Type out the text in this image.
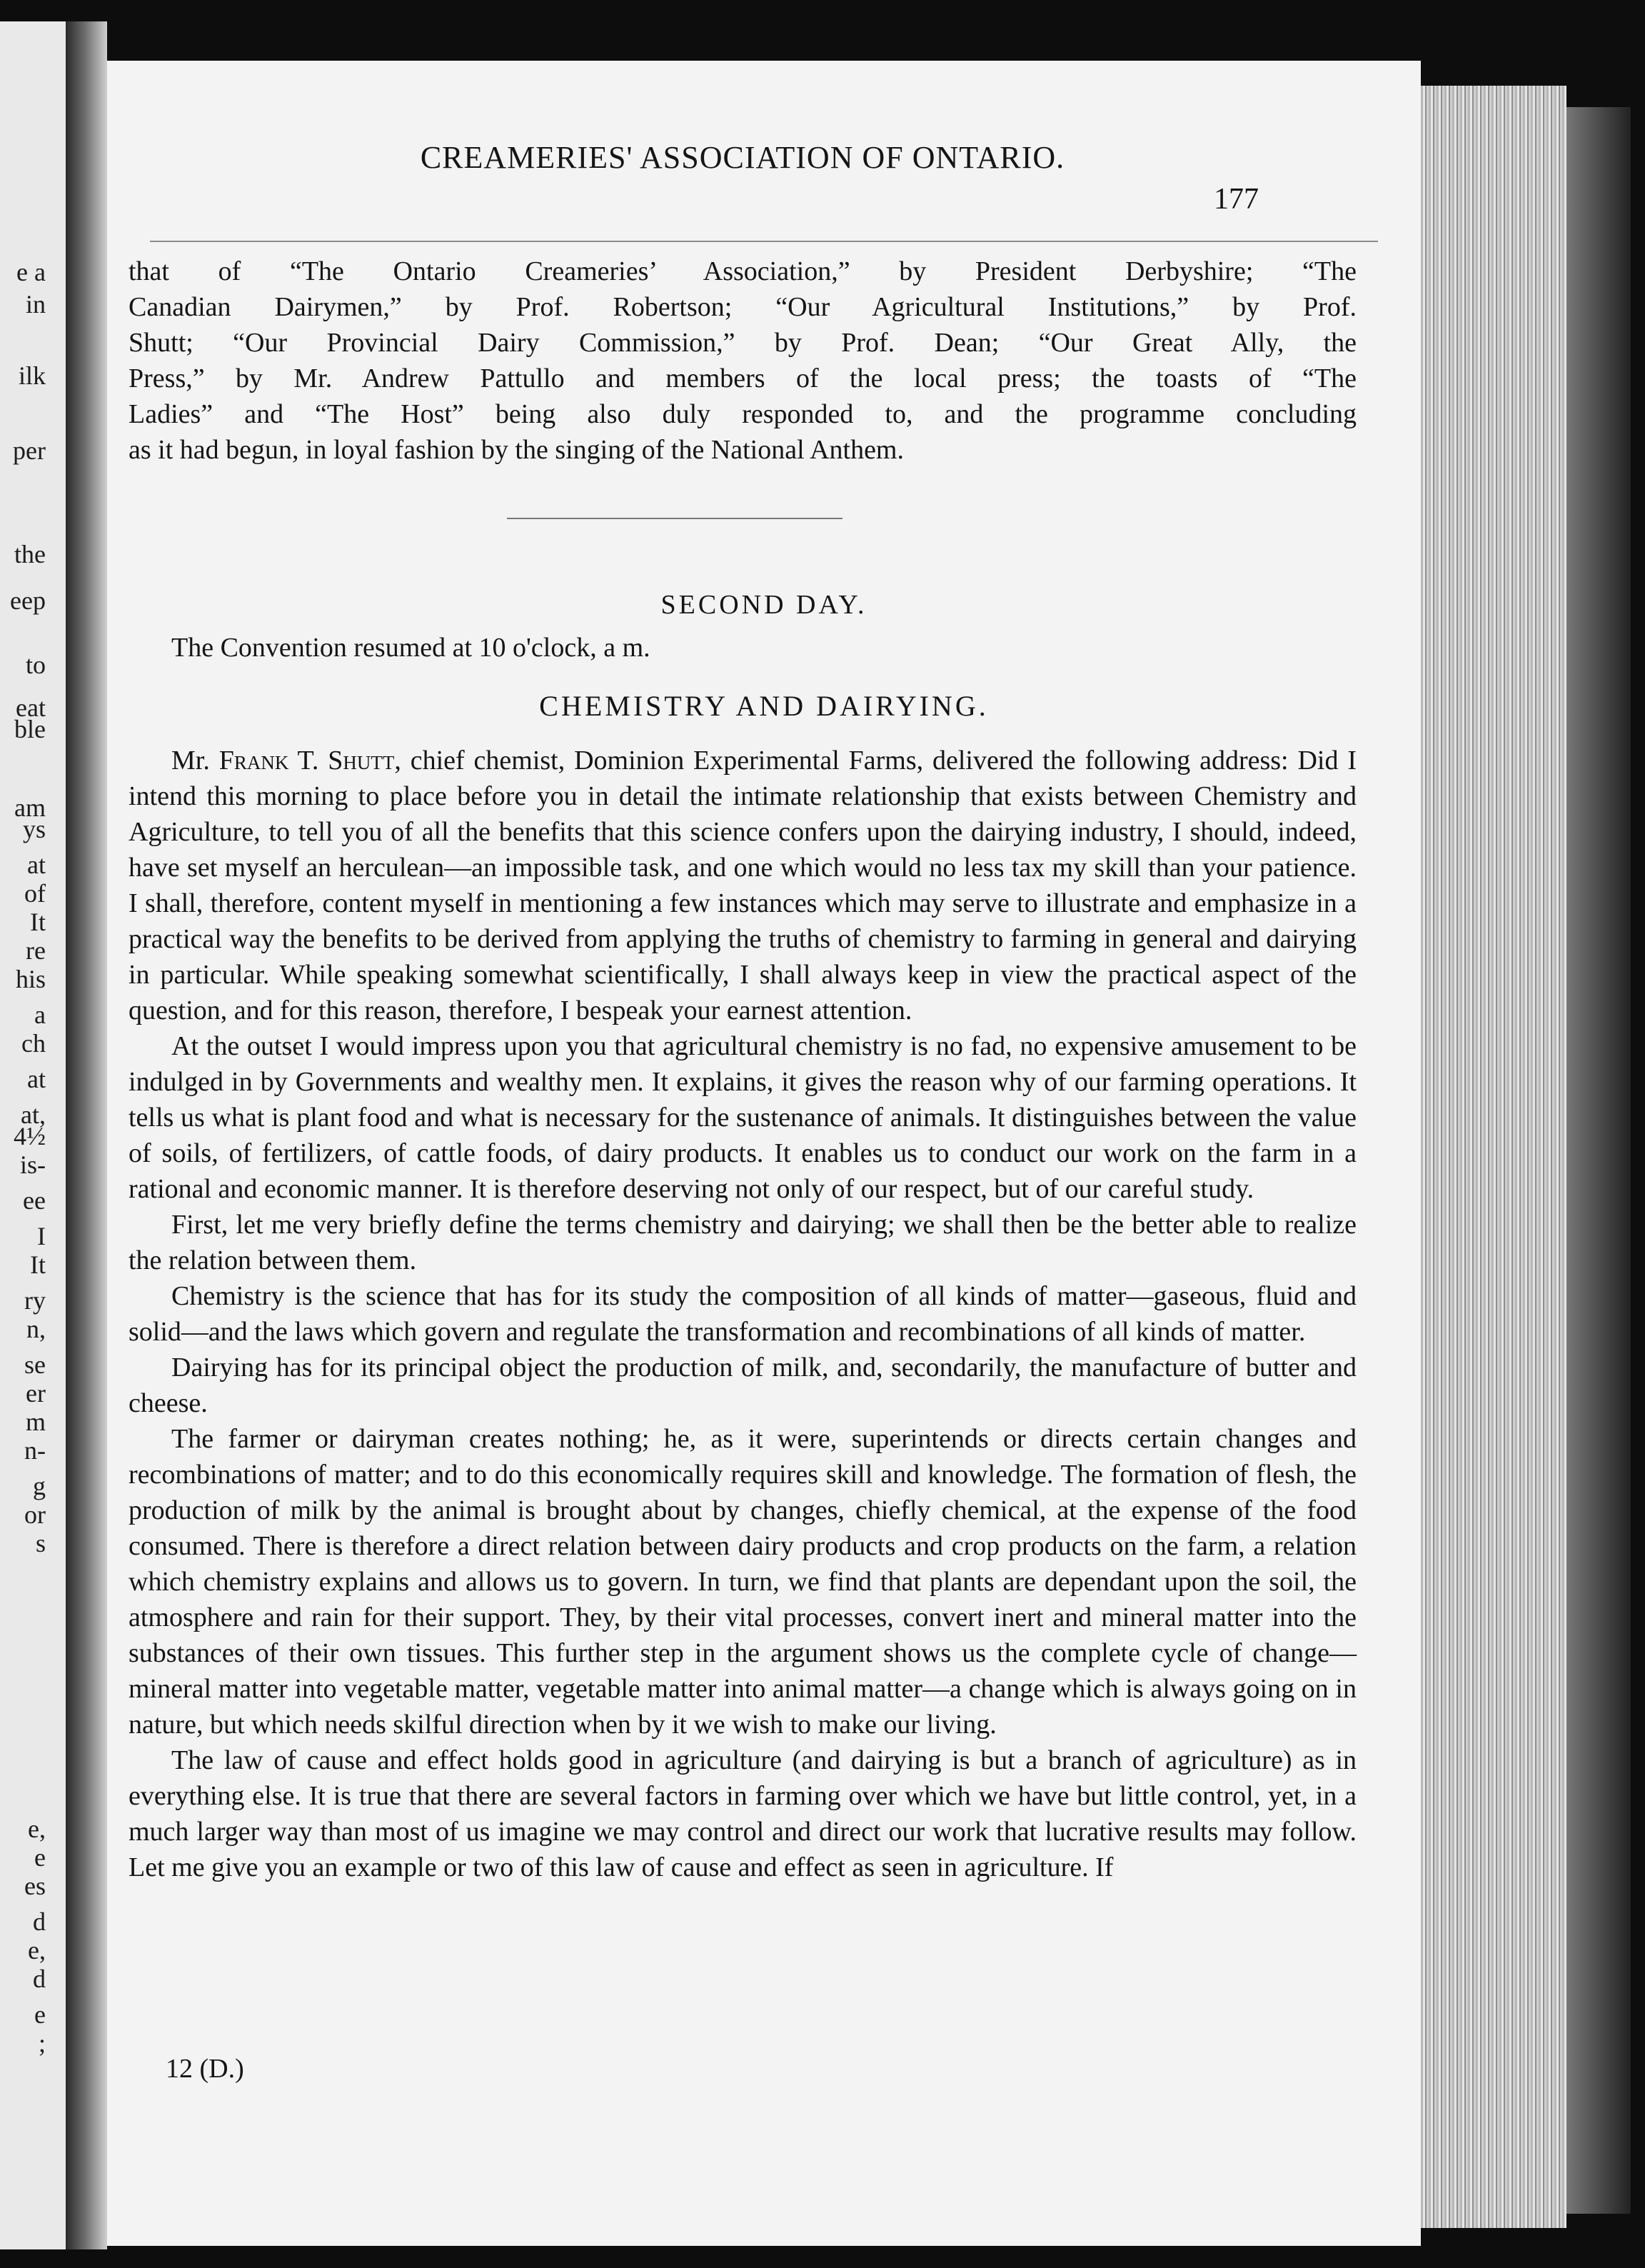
e a
in
ilk
per
the
eep
to
eat
ble
am
ys
at
of
It
re
his
a
ch
at
at,
4½
is-
ee
I
It
ry
n,
se
er
m
n-
g
or
s
e,
e
es
d
e,
d
e
;
CREAMERIES' ASSOCIATION OF ONTARIO.
177
that of “The Ontario Creameries’ Association,” by President Derbyshire; “The
Canadian Dairymen,” by Prof. Robertson; “Our Agricultural Institutions,” by Prof.
Shutt; “Our Provincial Dairy Commission,” by Prof. Dean; “Our Great Ally, the
Press,” by Mr. Andrew Pattullo and members of the local press; the toasts of “The
Ladies” and “The Host” being also duly responded to, and the programme concluding
as it had begun, in loyal fashion by the singing of the National Anthem.
SECOND DAY.
The Convention resumed at 10 o'clock, a m.
CHEMISTRY AND DAIRYING.

Mr. Frank T. Shutt, chief chemist, Dominion Experimental Farms, delivered the following address: Did I intend this morning to place before you in detail the intimate relationship that exists between Chemistry and Agriculture, to tell you of all the benefits that this science confers upon the dairying industry, I should, indeed, have set myself an herculean—an impossible task, and one which would no less tax my skill than your patience. I shall, therefore, content myself in mentioning a few instances which may serve to illustrate and emphasize in a practical way the benefits to be derived from applying the truths of chemistry to farming in general and dairying in particular. While speaking somewhat scientifically, I shall always keep in view the practical aspect of the question, and for this reason, therefore, I bespeak your earnest attention.

At the outset I would impress upon you that agricultural chemistry is no fad, no expensive amusement to be indulged in by Governments and wealthy men. It explains, it gives the reason why of our farming operations. It tells us what is plant food and what is necessary for the sustenance of animals. It distinguishes between the value of soils, of fertilizers, of cattle foods, of dairy products. It enables us to conduct our work on the farm in a rational and economic manner. It is therefore deserving not only of our respect, but of our careful study.

First, let me very briefly define the terms chemistry and dairying; we shall then be the better able to realize the relation between them.

Chemistry is the science that has for its study the composition of all kinds of matter—gaseous, fluid and solid—and the laws which govern and regulate the transformation and recombinations of all kinds of matter.

Dairying has for its principal object the production of milk, and, secondarily, the manufacture of butter and cheese.

The farmer or dairyman creates nothing; he, as it were, superintends or directs certain changes and recombinations of matter; and to do this economically requires skill and knowledge. The formation of flesh, the production of milk by the animal is brought about by changes, chiefly chemical, at the expense of the food consumed. There is therefore a direct relation between dairy products and crop products on the farm, a relation which chemistry explains and allows us to govern. In turn, we find that plants are dependant upon the soil, the atmosphere and rain for their support. They, by their vital processes, convert inert and mineral matter into the substances of their own tissues. This further step in the argument shows us the complete cycle of change—mineral matter into vegetable matter, vegetable matter into animal matter—a change which is always going on in nature, but which needs skilful direction when by it we wish to make our living.

The law of cause and effect holds good in agriculture (and dairying is but a branch of agriculture) as in everything else. It is true that there are several factors in farming over which we have but little control, yet, in a much larger way than most of us imagine we may control and direct our work that lucrative results may follow. Let me give you an example or two of this law of cause and effect as seen in agriculture. If

12 (D.)
